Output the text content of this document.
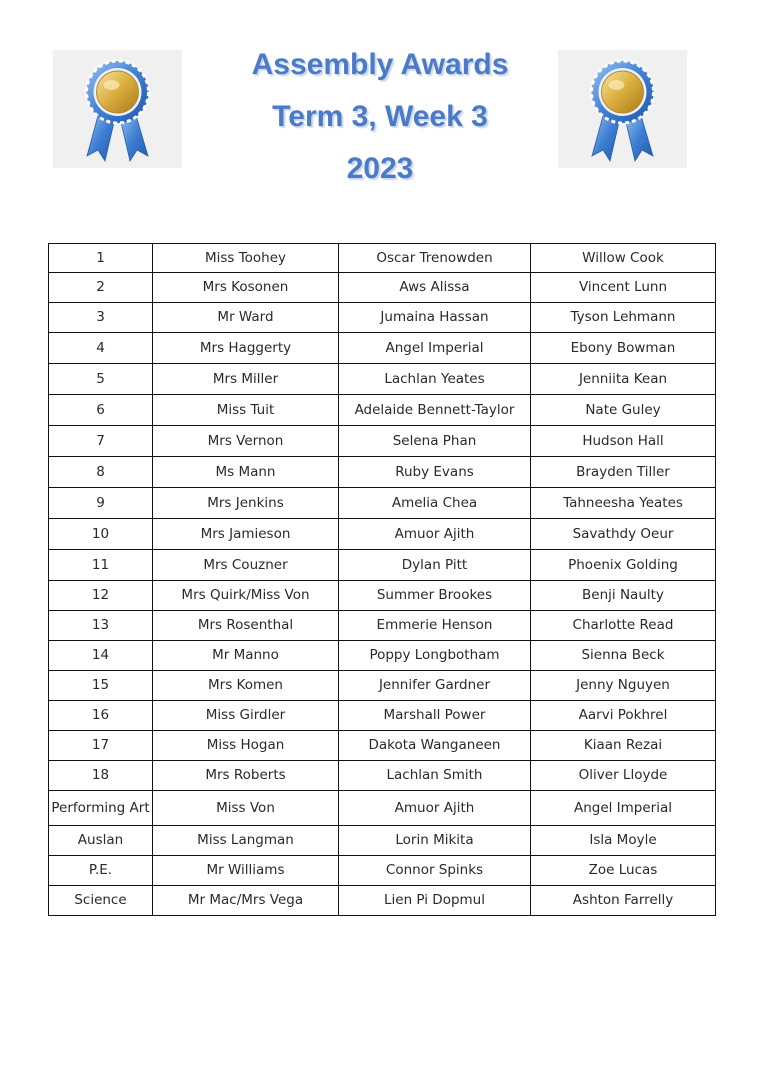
Assembly Awards
Term 3, Week 3
2023
1	Miss Toohey	Oscar Trenowden	Willow Cook
2	Mrs Kosonen	Aws Alissa	Vincent Lunn
3	Mr Ward	Jumaina Hassan	Tyson Lehmann
4	Mrs Haggerty	Angel Imperial	Ebony Bowman
5	Mrs Miller	Lachlan Yeates	Jenniita Kean
6	Miss Tuit	Adelaide Bennett-Taylor	Nate Guley
7	Mrs Vernon	Selena Phan	Hudson Hall
8	Ms Mann	Ruby Evans	Brayden Tiller
9	Mrs Jenkins	Amelia Chea	Tahneesha Yeates
10	Mrs Jamieson	Amuor Ajith	Savathdy Oeur
11	Mrs Couzner	Dylan Pitt	Phoenix Golding
12	Mrs Quirk/Miss Von	Summer Brookes	Benji Naulty
13	Mrs Rosenthal	Emmerie Henson	Charlotte Read
14	Mr Manno	Poppy Longbotham	Sienna Beck
15	Mrs Komen	Jennifer Gardner	Jenny Nguyen
16	Miss Girdler	Marshall Power	Aarvi Pokhrel
17	Miss Hogan	Dakota Wanganeen	Kiaan Rezai
18	Mrs Roberts	Lachlan Smith	Oliver Lloyde
Performing Art	Miss Von	Amuor Ajith	Angel Imperial
Auslan	Miss Langman	Lorin Mikita	Isla Moyle
P.E.	Mr Williams	Connor Spinks	Zoe Lucas
Science	Mr Mac/Mrs Vega	Lien Pi Dopmul	Ashton Farrelly
